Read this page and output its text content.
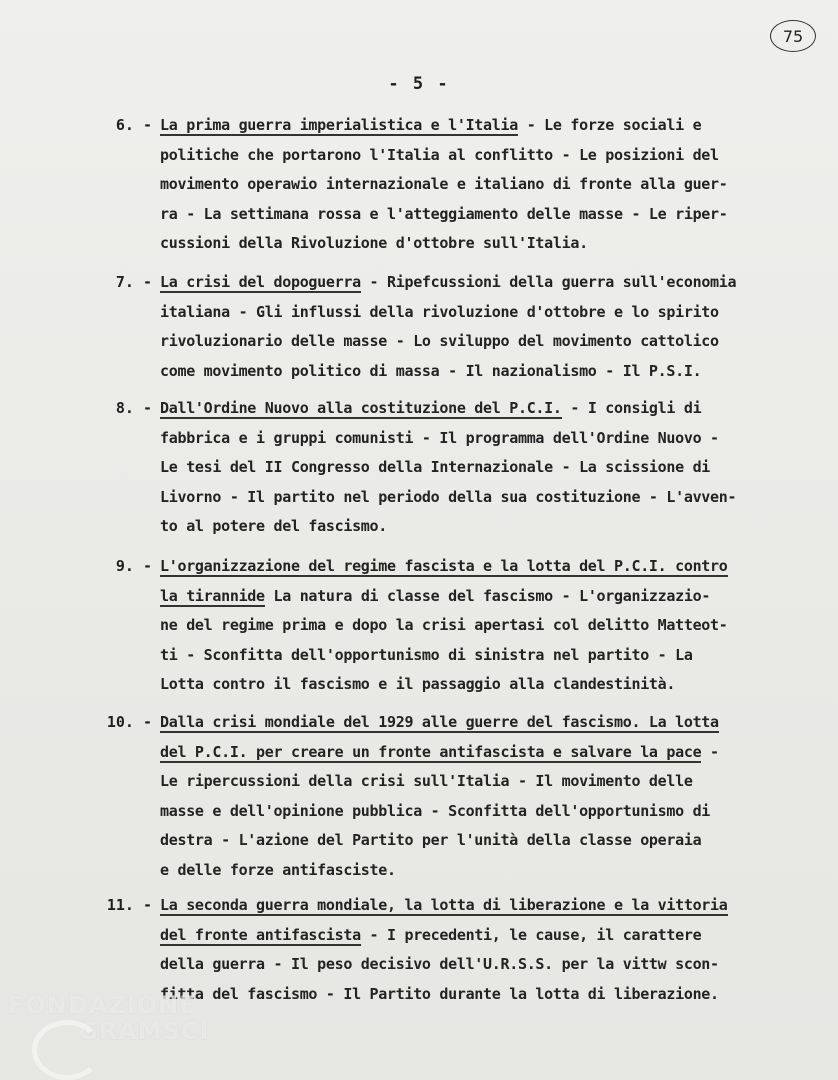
75
- 5 -
6. -	La prima guerra imperialistica e l'Italia - Le forze sociali e
politiche che portarono l'Italia al conflitto - Le posizioni del
movimento operawio internazionale e italiano di fronte alla guer-
ra - La settimana rossa e l'atteggiamento delle masse - Le riper-
cussioni della Rivoluzione d'ottobre sull'Italia.
7. -	La crisi del dopoguerra - Ripefcussioni della guerra sull'economia
italiana - Gli influssi della rivoluzione d'ottobre e lo spirito
rivoluzionario delle masse - Lo sviluppo del movimento cattolico
come movimento politico di massa - Il nazionalismo - Il P.S.I.
8. -	Dall'Ordine Nuovo alla costituzione del P.C.I. - I consigli di
fabbrica e i gruppi comunisti - Il programma dell'Ordine Nuovo -
Le tesi del II Congresso della Internazionale - La scissione di
Livorno - Il partito nel periodo della sua costituzione - L'avven-
to al potere del fascismo.
9. -	L'organizzazione del regime fascista e la lotta del P.C.I. contro
la tirannide La natura di classe del fascismo - L'organizzazio-
ne del regime prima e dopo la crisi apertasi col delitto Matteot-
ti - Sconfitta dell'opportunismo di sinistra nel partito - La
Lotta contro il fascismo e il passaggio alla clandestinità.
10. -	Dalla crisi mondiale del 1929 alle guerre del fascismo. La lotta
del P.C.I. per creare un fronte antifascista e salvare la pace -
Le ripercussioni della crisi sull'Italia - Il movimento delle
masse e dell'opinione pubblica - Sconfitta dell'opportunismo di
destra - L'azione del Partito per l'unità della classe operaia
e delle forze antifasciste.
11. -	La seconda guerra mondiale, la lotta di liberazione e la vittoria
del fronte antifascista - I precedenti, le cause, il carattere
della guerra - Il peso decisivo dell'U.R.S.S. per la vittw scon-
fitta del fascismo - Il Partito durante la lotta di liberazione.
FONDAZIONE
GRAMSCI
